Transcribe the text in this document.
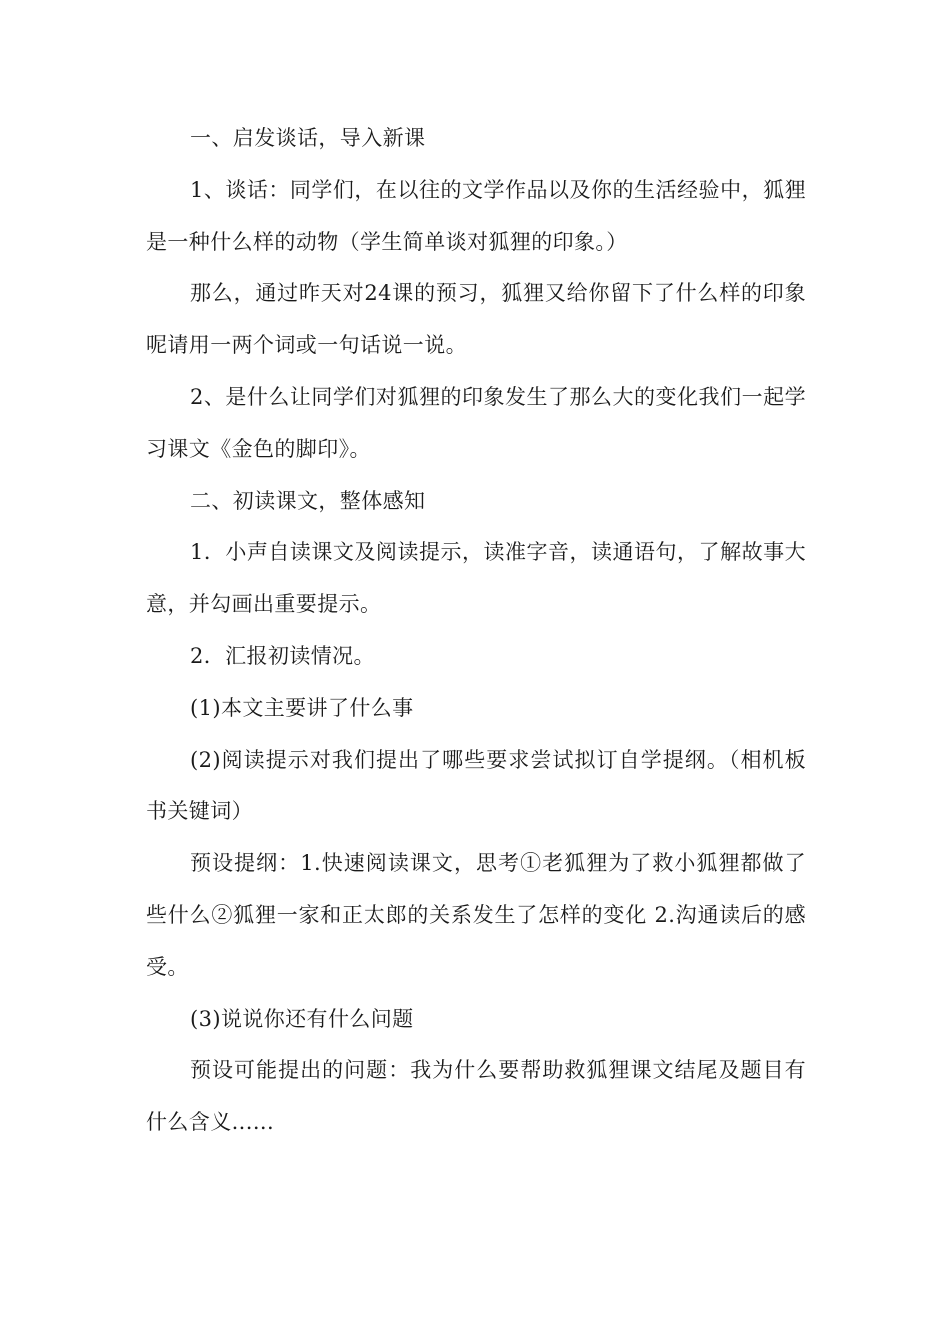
一、启发谈话，导入新课

1、谈话：同学们，在以往的文学作品以及你的生活经验中，狐狸是一种什么样的动物（学生简单谈对狐狸的印象。）

那么，通过昨天对24课的预习，狐狸又给你留下了什么样的印象呢请用一两个词或一句话说一说。

2、是什么让同学们对狐狸的印象发生了那么大的变化我们一起学习课文《金色的脚印》。

二、初读课文，整体感知

1．小声自读课文及阅读提示，读准字音，读通语句，了解故事大意，并勾画出重要提示。

2．汇报初读情况。

(1)本文主要讲了什么事

(2)阅读提示对我们提出了哪些要求尝试拟订自学提纲。（相机板书关键词）

预设提纲：1.快速阅读课文，思考①老狐狸为了救小狐狸都做了些什么②狐狸一家和正太郎的关系发生了怎样的变化 2.沟通读后的感受。

(3)说说你还有什么问题

预设可能提出的问题：我为什么要帮助救狐狸课文结尾及题目有什么含义......
